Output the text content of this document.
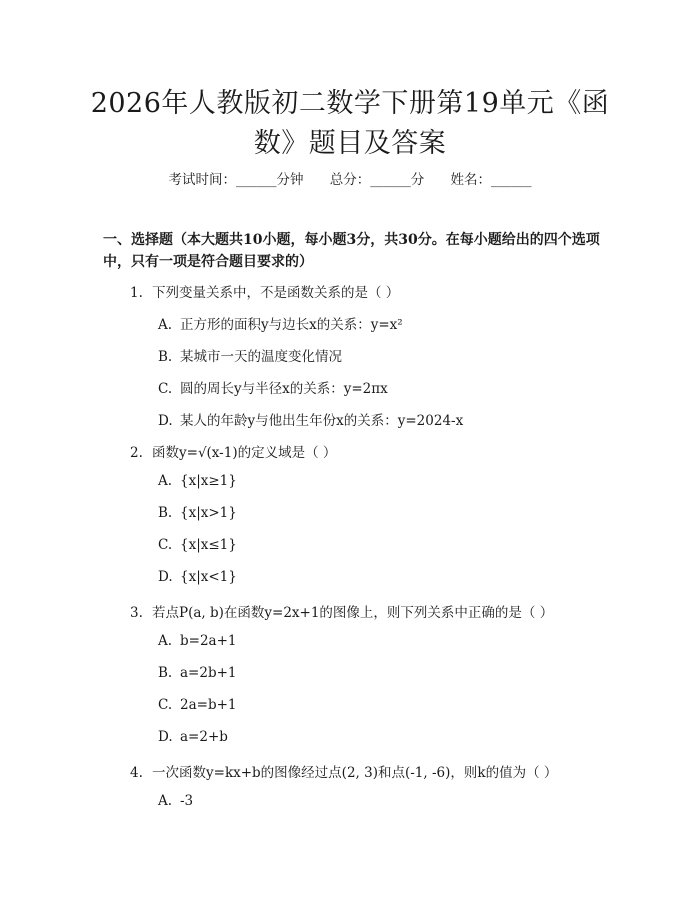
2026年人教版初二数学下册第19单元《函数》题目及答案
考试时间：______分钟 总分：______分 姓名：______
一、选择题（本大题共10小题，每小题3分，共30分。在每小题给出的四个选项中，只有一项是符合题目要求的）
1. 下列变量关系中，不是函数关系的是（ ）
A. 正方形的面积y与边长x的关系：y=x²
B. 某城市一天的温度变化情况
C. 圆的周长y与半径x的关系：y=2πx
D. 某人的年龄y与他出生年份x的关系：y=2024-x
2. 函数y=√(x-1)的定义域是（ ）
A. {x|x≥1}
B. {x|x>1}
C. {x|x≤1}
D. {x|x<1}
3. 若点P(a, b)在函数y=2x+1的图像上，则下列关系中正确的是（ ）
A. b=2a+1
B. a=2b+1
C. 2a=b+1
D. a=2+b
4. 一次函数y=kx+b的图像经过点(2, 3)和点(-1, -6)，则k的值为（ ）
A. -3
